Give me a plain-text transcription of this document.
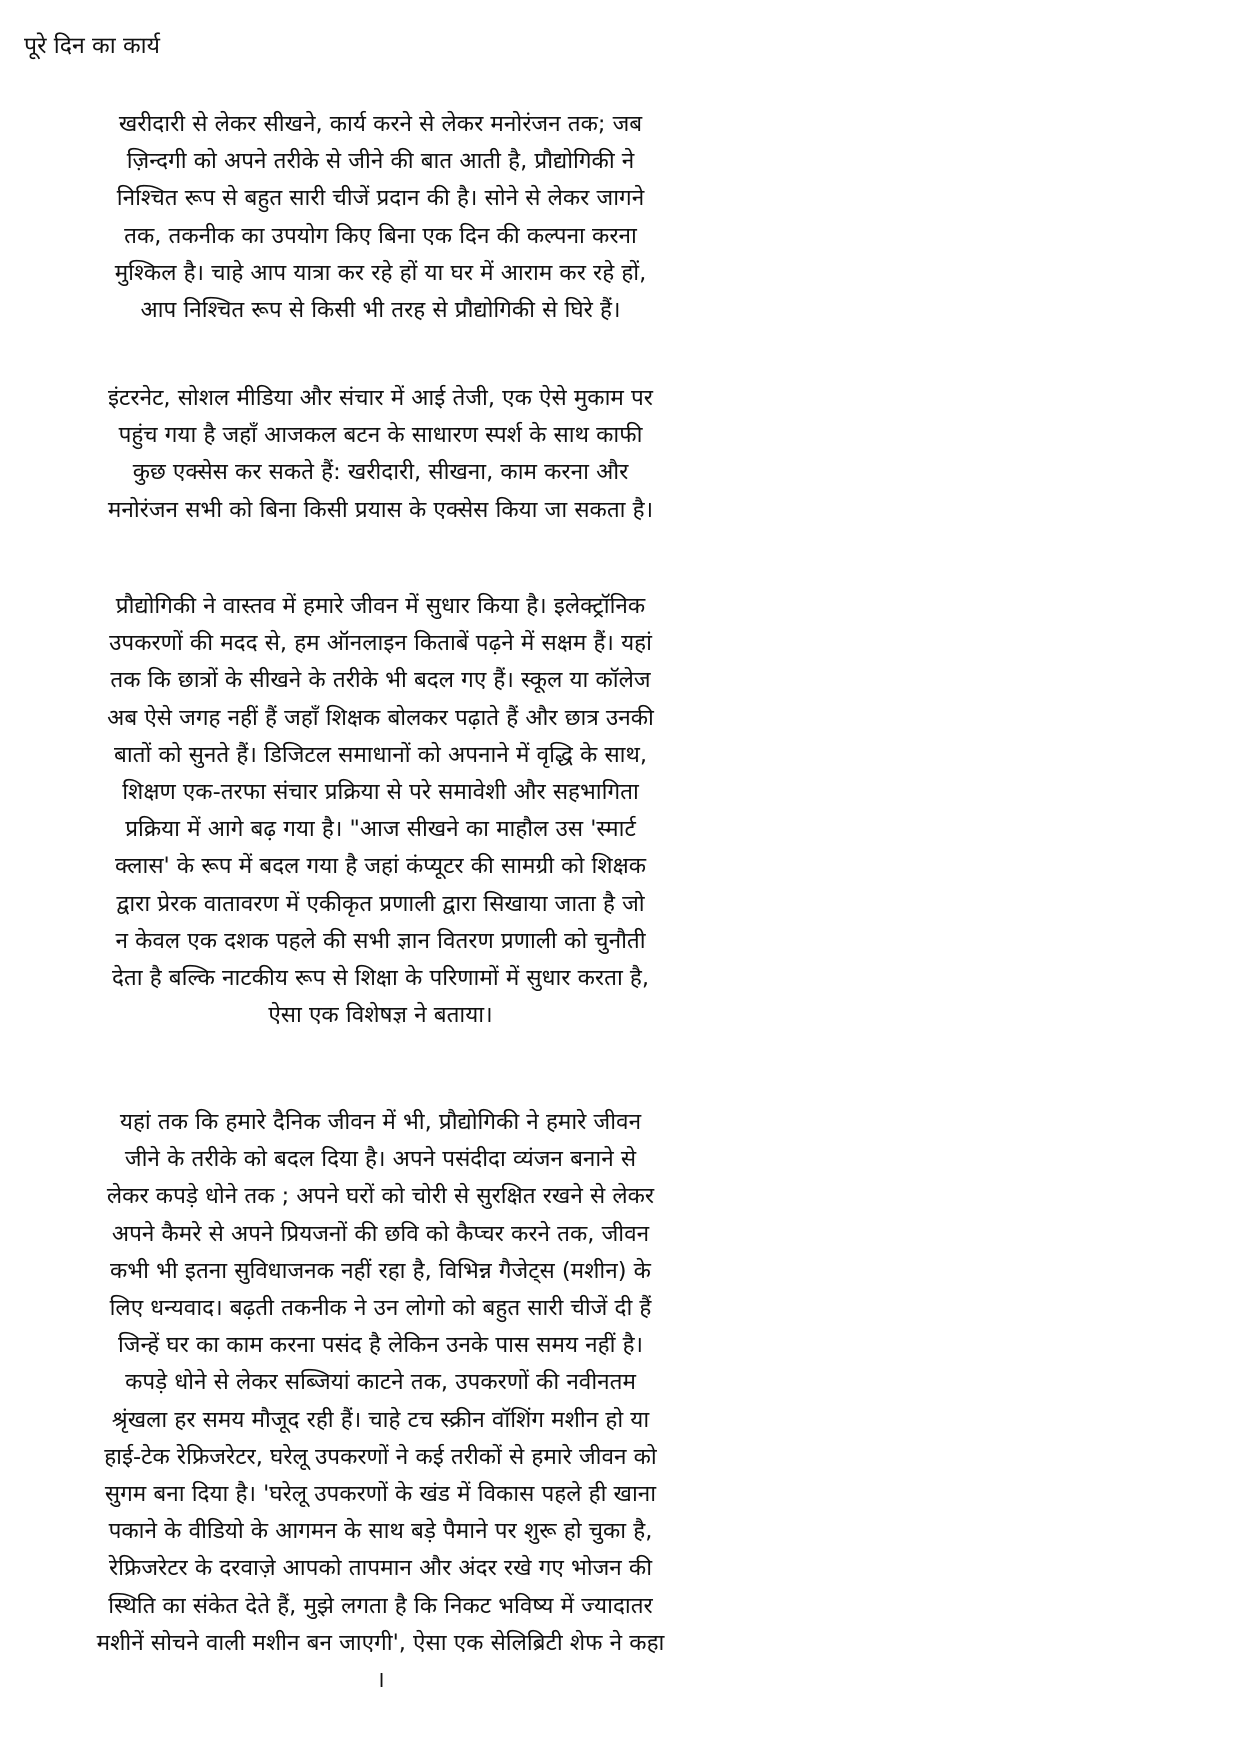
पूरे दिन का कार्य
खरीदारी से लेकर सीखने, कार्य करने से लेकर मनोरंजन तक; जब
ज़िन्दगी को अपने तरीके से जीने की बात आती है, प्रौद्योगिकी ने
निश्चित रूप से बहुत सारी चीजें प्रदान की है। सोने से लेकर जागने
तक, तकनीक का उपयोग किए बिना एक दिन की कल्पना करना
मुश्किल है। चाहे आप यात्रा कर रहे हों या घर में आराम कर रहे हों,
आप निश्चित रूप से किसी भी तरह से प्रौद्योगिकी से घिरे हैं।
इंटरनेट, सोशल मीडिया और संचार में आई तेजी, एक ऐसे मुकाम पर
पहुंच गया है जहाँ आजकल बटन के साधारण स्पर्श के साथ काफी
कुछ एक्सेस कर सकते हैं: खरीदारी, सीखना, काम करना और
मनोरंजन सभी को बिना किसी प्रयास के एक्सेस किया जा सकता है।
प्रौद्योगिकी ने वास्तव में हमारे जीवन में सुधार किया है। इलेक्ट्रॉनिक
उपकरणों की मदद से, हम ऑनलाइन किताबें पढ़ने में सक्षम हैं। यहां
तक कि छात्रों के सीखने के तरीके भी बदल गए हैं। स्कूल या कॉलेज
अब ऐसे जगह नहीं हैं जहाँ शिक्षक बोलकर पढ़ाते हैं और छात्र उनकी
बातों को सुनते हैं। डिजिटल समाधानों को अपनाने में वृद्धि के साथ,
शिक्षण एक-तरफा संचार प्रक्रिया से परे समावेशी और सहभागिता
प्रक्रिया में आगे बढ़ गया है। "आज सीखने का माहौल उस 'स्मार्ट
क्लास' के रूप में बदल गया है जहां कंप्यूटर की सामग्री को शिक्षक
द्वारा प्रेरक वातावरण में एकीकृत प्रणाली द्वारा सिखाया जाता है जो
न केवल एक दशक पहले की सभी ज्ञान वितरण प्रणाली को चुनौती
देता है बल्कि नाटकीय रूप से शिक्षा के परिणामों में सुधार करता है,
ऐसा एक विशेषज्ञ ने बताया।
यहां तक कि हमारे दैनिक जीवन में भी, प्रौद्योगिकी ने हमारे जीवन
जीने के तरीके को बदल दिया है। अपने पसंदीदा व्यंजन बनाने से
लेकर कपड़े धोने तक ; अपने घरों को चोरी से सुरक्षित रखने से लेकर
अपने कैमरे से अपने प्रियजनों की छवि को कैप्चर करने तक, जीवन
कभी भी इतना सुविधाजनक नहीं रहा है, विभिन्न गैजेट्स (मशीन) के
लिए धन्यवाद। बढ़ती तकनीक ने उन लोगो को बहुत सारी चीजें दी हैं
जिन्हें घर का काम करना पसंद है लेकिन उनके पास समय नहीं है।
कपड़े धोने से लेकर सब्जियां काटने तक, उपकरणों की नवीनतम
श्रृंखला हर समय मौजूद रही हैं। चाहे टच स्क्रीन वॉशिंग मशीन हो या
हाई-टेक रेफ्रिजरेटर, घरेलू उपकरणों ने कई तरीकों से हमारे जीवन को
सुगम बना दिया है। 'घरेलू उपकरणों के खंड में विकास पहले ही खाना
पकाने के वीडियो के आगमन के साथ बड़े पैमाने पर शुरू हो चुका है,
रेफ्रिजरेटर के दरवाज़े आपको तापमान और अंदर रखे गए भोजन की
स्थिति का संकेत देते हैं, मुझे लगता है कि निकट भविष्य में ज्यादातर
मशीनें सोचने वाली मशीन बन जाएगी', ऐसा एक सेलिब्रिटी शेफ ने कहा
।
